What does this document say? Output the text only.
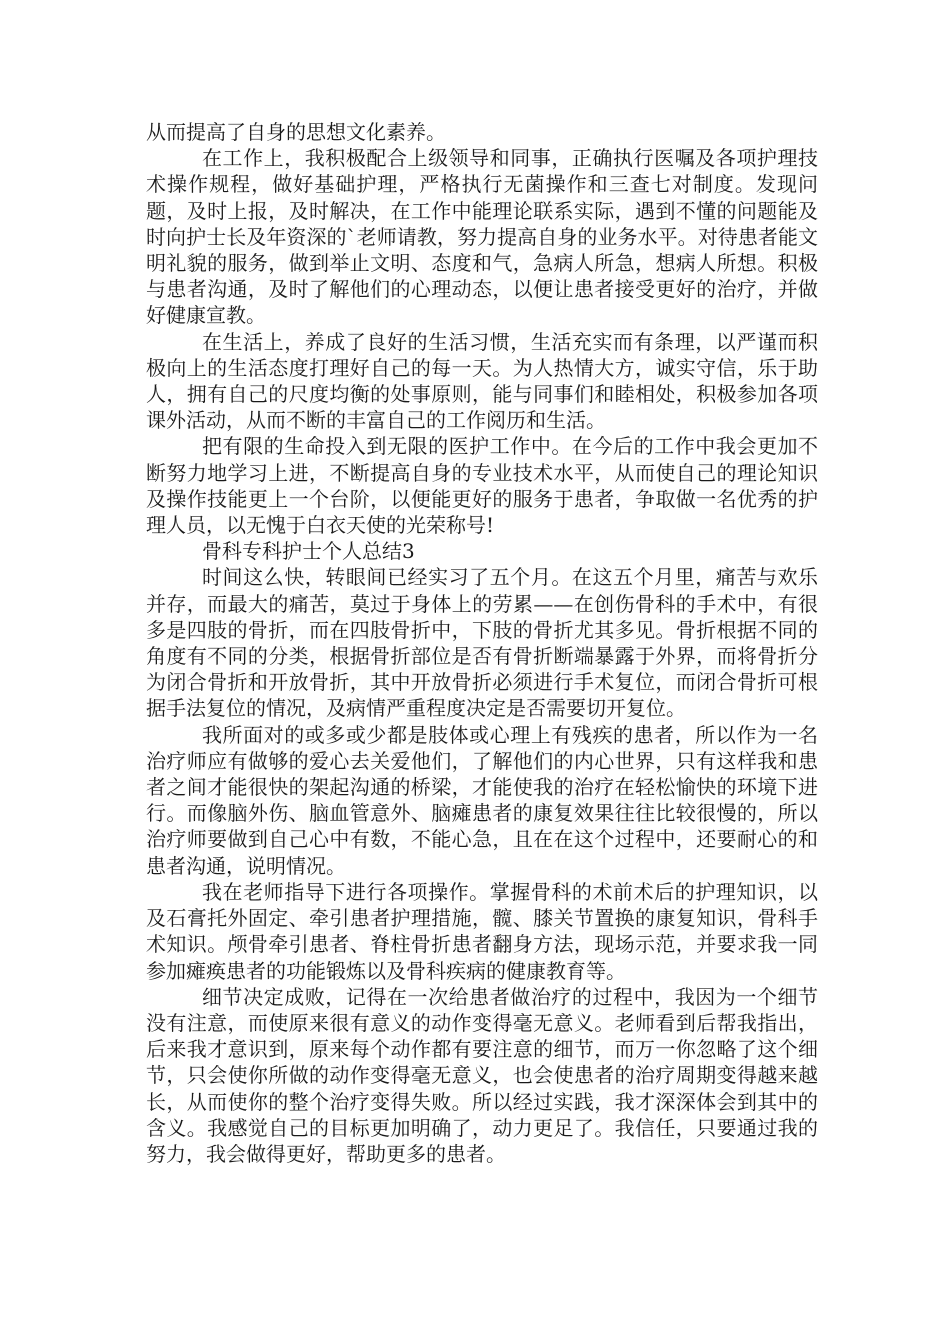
从而提高了自身的思想文化素养。

在工作上，我积极配合上级领导和同事，正确执行医嘱及各项护理技术操作规程，做好基础护理，严格执行无菌操作和三查七对制度。发现问题，及时上报，及时解决，在工作中能理论联系实际，遇到不懂的问题能及时向护士长及年资深的`老师请教，努力提高自身的业务水平。对待患者能文明礼貌的服务，做到举止文明、态度和气，急病人所急，想病人所想。积极与患者沟通，及时了解他们的心理动态，以便让患者接受更好的治疗，并做好健康宣教。

在生活上，养成了良好的生活习惯，生活充实而有条理，以严谨而积极向上的生活态度打理好自己的每一天。为人热情大方，诚实守信，乐于助人，拥有自己的尺度均衡的处事原则，能与同事们和睦相处，积极参加各项课外活动，从而不断的丰富自己的工作阅历和生活。

把有限的生命投入到无限的医护工作中。在今后的工作中我会更加不断努力地学习上进，不断提高自身的专业技术水平，从而使自己的理论知识及操作技能更上一个台阶，以便能更好的服务于患者，争取做一名优秀的护理人员，以无愧于白衣天使的光荣称号!

骨科专科护士个人总结3

时间这么快，转眼间已经实习了五个月。在这五个月里，痛苦与欢乐并存，而最大的痛苦，莫过于身体上的劳累——在创伤骨科的手术中，有很多是四肢的骨折，而在四肢骨折中，下肢的骨折尤其多见。骨折根据不同的角度有不同的分类，根据骨折部位是否有骨折断端暴露于外界，而将骨折分为闭合骨折和开放骨折，其中开放骨折必须进行手术复位，而闭合骨折可根据手法复位的情况，及病情严重程度决定是否需要切开复位。

我所面对的或多或少都是肢体或心理上有残疾的患者，所以作为一名治疗师应有做够的爱心去关爱他们，了解他们的内心世界，只有这样我和患者之间才能很快的架起沟通的桥梁，才能使我的治疗在轻松愉快的环境下进行。而像脑外伤、脑血管意外、脑瘫患者的康复效果往往比较很慢的，所以治疗师要做到自己心中有数，不能心急，且在在这个过程中，还要耐心的和患者沟通，说明情况。

我在老师指导下进行各项操作。掌握骨科的术前术后的护理知识，以及石膏托外固定、牵引患者护理措施，髋、膝关节置换的康复知识，骨科手术知识。颅骨牵引患者、脊柱骨折患者翻身方法，现场示范，并要求我一同参加瘫痪患者的功能锻炼以及骨科疾病的健康教育等。

细节决定成败，记得在一次给患者做治疗的过程中，我因为一个细节没有注意，而使原来很有意义的动作变得毫无意义。老师看到后帮我指出，后来我才意识到，原来每个动作都有要注意的细节，而万一你忽略了这个细节，只会使你所做的动作变得毫无意义，也会使患者的治疗周期变得越来越长，从而使你的整个治疗变得失败。所以经过实践，我才深深体会到其中的含义。我感觉自己的目标更加明确了，动力更足了。我信任，只要通过我的努力，我会做得更好，帮助更多的患者。
